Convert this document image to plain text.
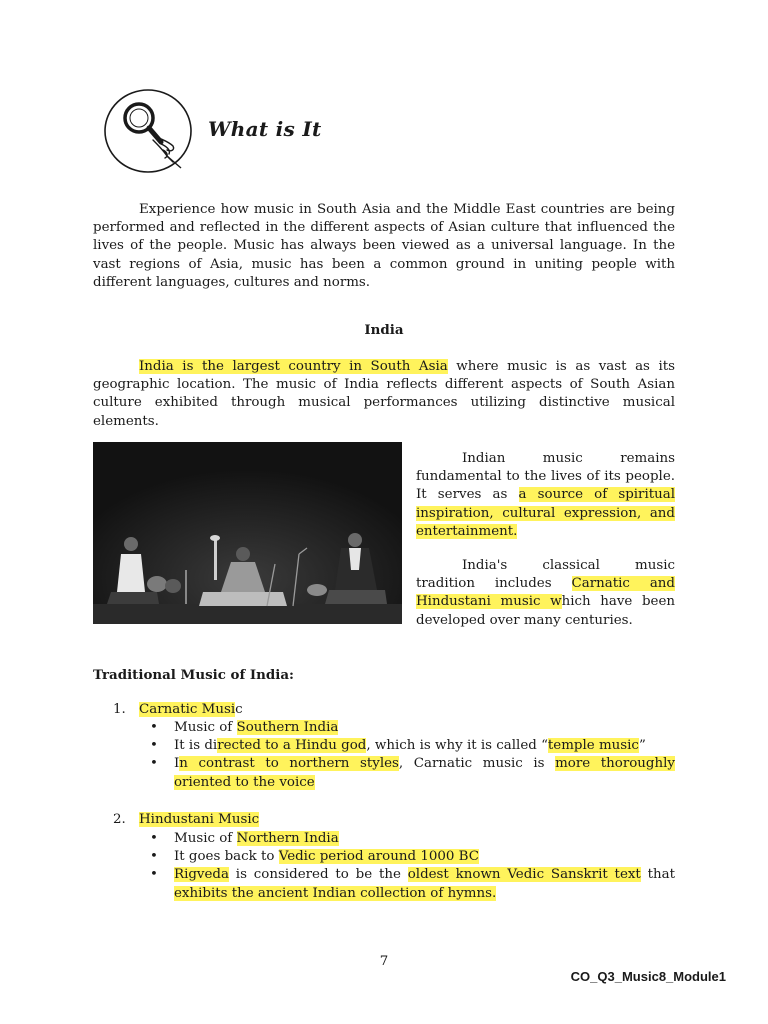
What is It

Experience how music in South Asia and the Middle East countries are being performed and reflected in the different aspects of Asian culture that influenced the lives of the people. Music has always been viewed as a universal language. In the vast regions of Asia, music has been a common ground in uniting people with different languages, cultures and norms.

India

India is the largest country in South Asia where music is as vast as its geographic location. The music of India reflects different aspects of South Asian culture exhibited through musical performances utilizing distinctive musical elements.

Indian music remains fundamental to the lives of its people. It serves as a source of spiritual inspiration, cultural expression, and entertainment.

India's classical music tradition includes Carnatic and Hindustani music which have been developed over many centuries.

Traditional Music of India:

1. Carnatic Music

• Music of Southern India
• It is directed to a Hindu god, which is why it is called “temple music”
• In contrast to northern styles, Carnatic music is more thoroughly oriented to the voice

2. Hindustani Music

• Music of Northern India
• It goes back to Vedic period around 1000 BC
• Rigveda is considered to be the oldest known Vedic Sanskrit text that exhibits the ancient Indian collection of hymns.

7

CO_Q3_Music8_Module1
